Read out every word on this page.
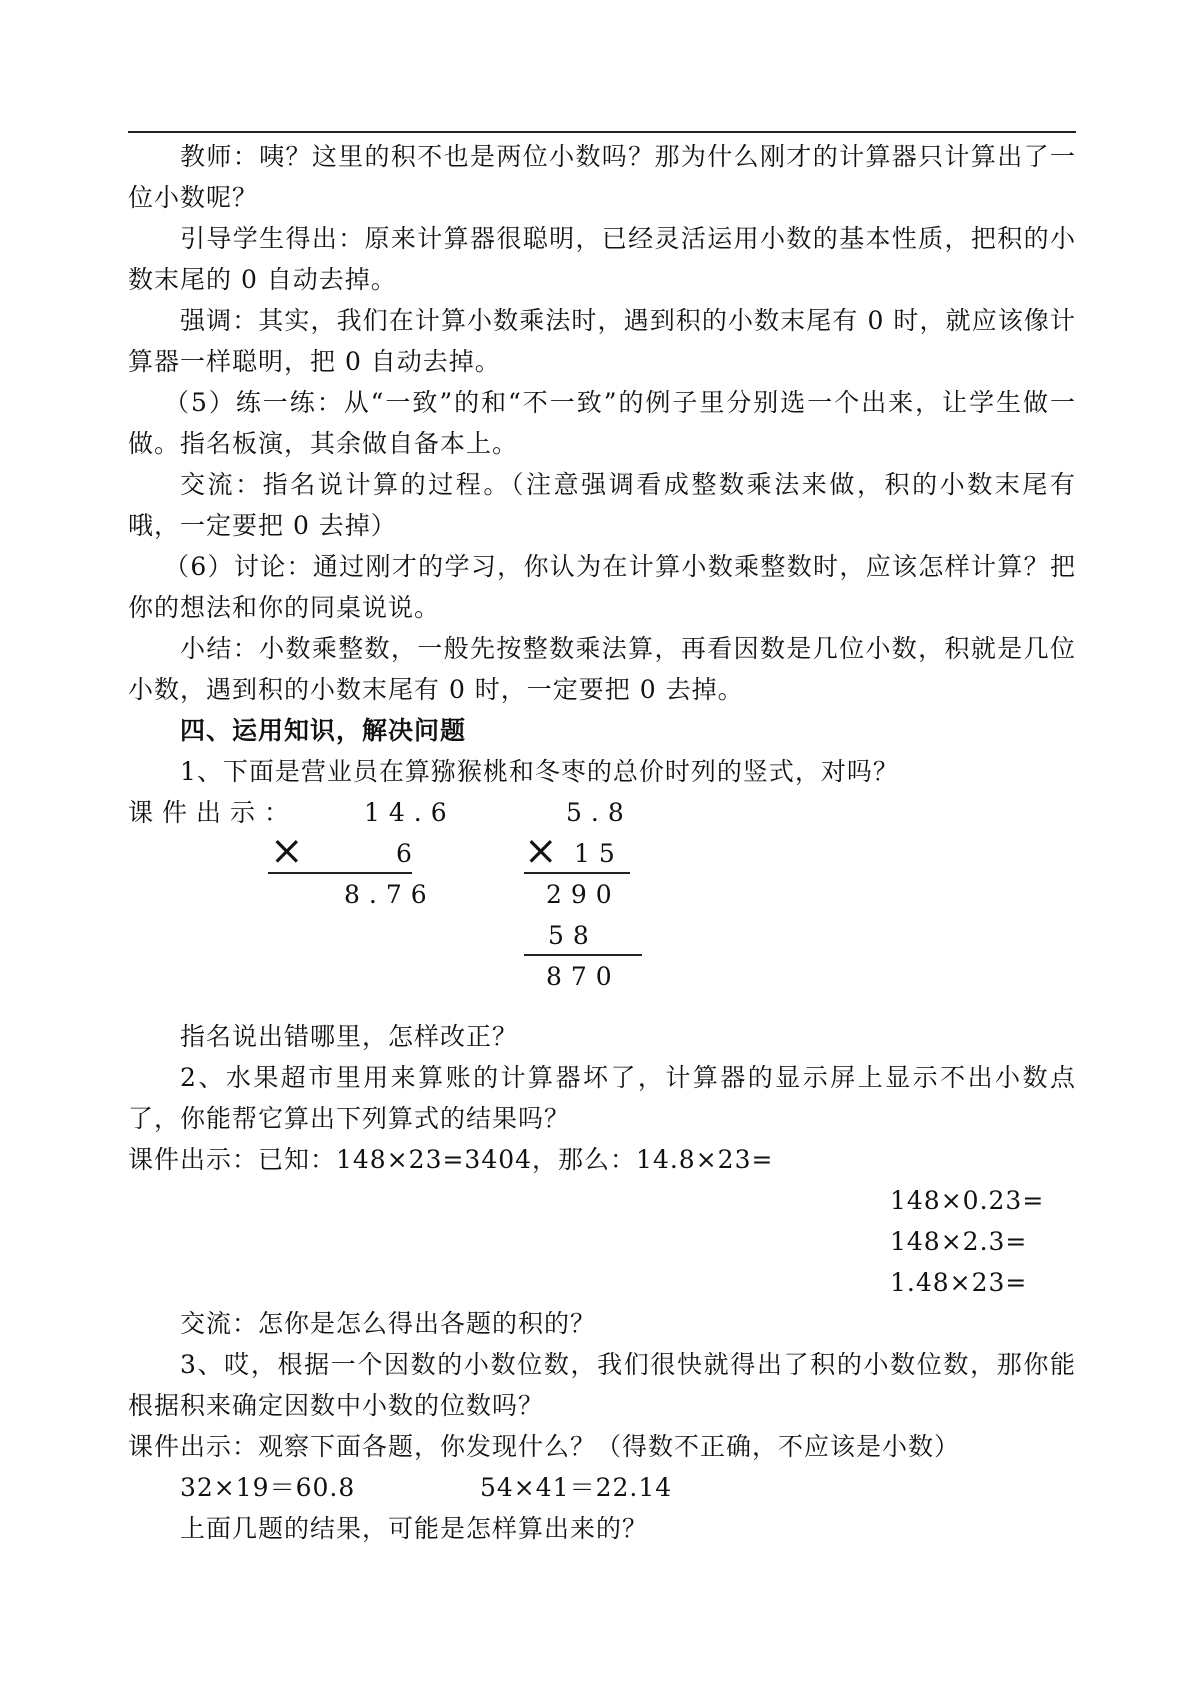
教师：咦？这里的积不也是两位小数吗？那为什么刚才的计算器只计算出了一位小数呢？

引导学生得出：原来计算器很聪明，已经灵活运用小数的基本性质，把积的小数末尾的 0 自动去掉。

强调：其实，我们在计算小数乘法时，遇到积的小数末尾有 0 时，就应该像计算器一样聪明，把 0 自动去掉。

（5）练一练：从“一致”的和“不一致”的例子里分别选一个出来，让学生做一做。指名板演，其余做自备本上。

交流：指名说计算的过程。（注意强调看成整数乘法来做，积的小数末尾有哦，一定要把 0 去掉）

（6）讨论：通过刚才的学习，你认为在计算小数乘整数时，应该怎样计算？把你的想法和你的同桌说说。

小结：小数乘整数，一般先按整数乘法算，再看因数是几位小数，积就是几位小数，遇到积的小数末尾有 0 时，一定要把 0 去掉。

四、运用知识，解决问题

1、下面是营业员在算猕猴桃和冬枣的总价时列的竖式，对吗？

课件出示：	14.6
×	6
8.76
5.8
× 15
290
58
870

指名说出错哪里，怎样改正？

2、水果超市里用来算账的计算器坏了，计算器的显示屏上显示不出小数点了，你能帮它算出下列算式的结果吗？

课件出示：已知：148×23=3404，那么：14.8×23=

148×0.23=
148×2.3=
1.48×23=

交流：怎你是怎么得出各题的积的？

3、哎，根据一个因数的小数位数，我们很快就得出了积的小数位数，那你能根据积来确定因数中小数的位数吗？

课件出示：观察下面各题，你发现什么？（得数不正确，不应该是小数）

32×19＝60.8	54×41＝22.14

上面几题的结果，可能是怎样算出来的？
